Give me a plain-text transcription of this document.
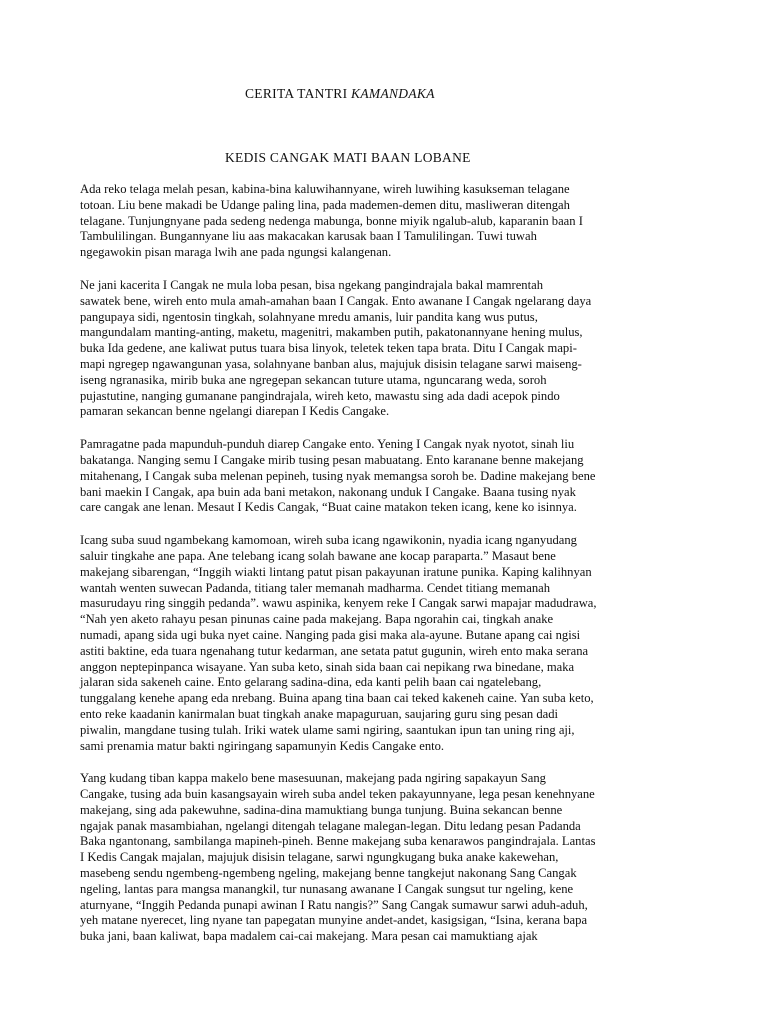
CERITA TANTRI KAMANDAKA
KEDIS CANGAK MATI BAAN LOBANE
Ada reko telaga melah pesan, kabina-bina kaluwihannyane, wireh luwihing kasukseman telagane
totoan. Liu bene makadi be Udange paling lina, pada mademen-demen ditu, masliweran ditengah
telagane. Tunjungnyane pada sedeng nedenga mabunga, bonne miyik ngalub-alub, kaparanin baan I
Tambulilingan. Bungannyane liu aas makacakan karusak baan I Tamulilingan. Tuwi tuwah
ngegawokin pisan maraga lwih ane pada ngungsi kalangenan.
Ne jani kacerita I Cangak ne mula loba pesan, bisa ngekang pangindrajala bakal mamrentah
sawatek bene, wireh ento mula amah-amahan baan I Cangak. Ento awanane I Cangak ngelarang daya
pangupaya sidi, ngentosin tingkah, solahnyane mredu amanis, luir pandita kang wus putus,
mangundalam manting-anting, maketu, magenitri, makamben putih, pakatonannyane hening mulus,
buka Ida gedene, ane kaliwat putus tuara bisa linyok, teletek teken tapa brata. Ditu I Cangak mapi-
mapi ngregep ngawangunan yasa, solahnyane banban alus, majujuk disisin telagane sarwi maiseng-
iseng ngranasika, mirib buka ane ngregepan sekancan tuture utama, nguncarang weda, soroh
pujastutine, nanging gumanane pangindrajala, wireh keto, mawastu sing ada dadi acepok pindo
pamaran sekancan benne ngelangi diarepan I Kedis Cangake.
Pamragatne pada mapunduh-punduh diarep Cangake ento. Yening I Cangak nyak nyotot, sinah liu
bakatanga. Nanging semu I Cangake mirib tusing pesan mabuatang. Ento karanane benne makejang
mitahenang, I Cangak suba melenan pepineh, tusing nyak memangsa soroh be. Dadine makejang bene
bani maekin I Cangak, apa buin ada bani metakon, nakonang unduk I Cangake. Baana tusing nyak
care cangak ane lenan. Mesaut I Kedis Cangak, “Buat caine matakon teken icang, kene ko isinnya.
Icang suba suud ngambekang kamomoan, wireh suba icang ngawikonin, nyadia icang nganyudang
saluir tingkahe ane papa. Ane telebang icang solah bawane ane kocap paraparta.” Masaut bene
makejang sibarengan, “Inggih wiakti lintang patut pisan pakayunan iratune punika. Kaping kalihnyan
wantah wenten suwecan Padanda, titiang taler memanah madharma. Cendet titiang memanah
masurudayu ring singgih pedanda”. wawu aspinika, kenyem reke I Cangak sarwi mapajar madudrawa,
“Nah yen aketo rahayu pesan pinunas caine pada makejang. Bapa ngorahin cai, tingkah anake
numadi, apang sida ugi buka nyet caine. Nanging pada gisi maka ala-ayune. Butane apang cai ngisi
astiti baktine, eda tuara ngenahang tutur kedarman, ane setata patut gugunin, wireh ento maka serana
anggon neptepinpanca wisayane. Yan suba keto, sinah sida baan cai nepikang rwa binedane, maka
jalaran sida sakeneh caine. Ento gelarang sadina-dina, eda kanti pelih baan cai ngatelebang,
tunggalang kenehe apang eda nrebang. Buina apang tina baan cai teked kakeneh caine. Yan suba keto,
ento reke kaadanin kanirmalan buat tingkah anake mapaguruan, saujaring guru sing pesan dadi
piwalin, mangdane tusing tulah. Iriki watek ulame sami ngiring, saantukan ipun tan uning ring aji,
sami prenamia matur bakti ngiringang sapamunyin Kedis Cangake ento.
Yang kudang tiban kappa makelo bene masesuunan, makejang pada ngiring sapakayun Sang
Cangake, tusing ada buin kasangsayain wireh suba andel teken pakayunnyane, lega pesan kenehnyane
makejang, sing ada pakewuhne, sadina-dina mamuktiang bunga tunjung. Buina sekancan benne
ngajak panak masambiahan, ngelangi ditengah telagane malegan-legan. Ditu ledang pesan Padanda
Baka ngantonang, sambilanga mapineh-pineh. Benne makejang suba kenarawos pangindrajala. Lantas
I Kedis Cangak majalan, majujuk disisin telagane, sarwi ngungkugang buka anake kakewehan,
masebeng sendu ngembeng-ngembeng ngeling, makejang benne tangkejut nakonang Sang Cangak
ngeling, lantas para mangsa manangkil, tur nunasang awanane I Cangak sungsut tur ngeling, kene
aturnyane, “Inggih Pedanda punapi awinan I Ratu nangis?” Sang Cangak sumawur sarwi aduh-aduh,
yeh matane nyerecet, ling nyane tan papegatan munyine andet-andet, kasigsigan, “Isina, kerana bapa
buka jani, baan kaliwat, bapa madalem cai-cai makejang. Mara pesan cai mamuktiang ajak
